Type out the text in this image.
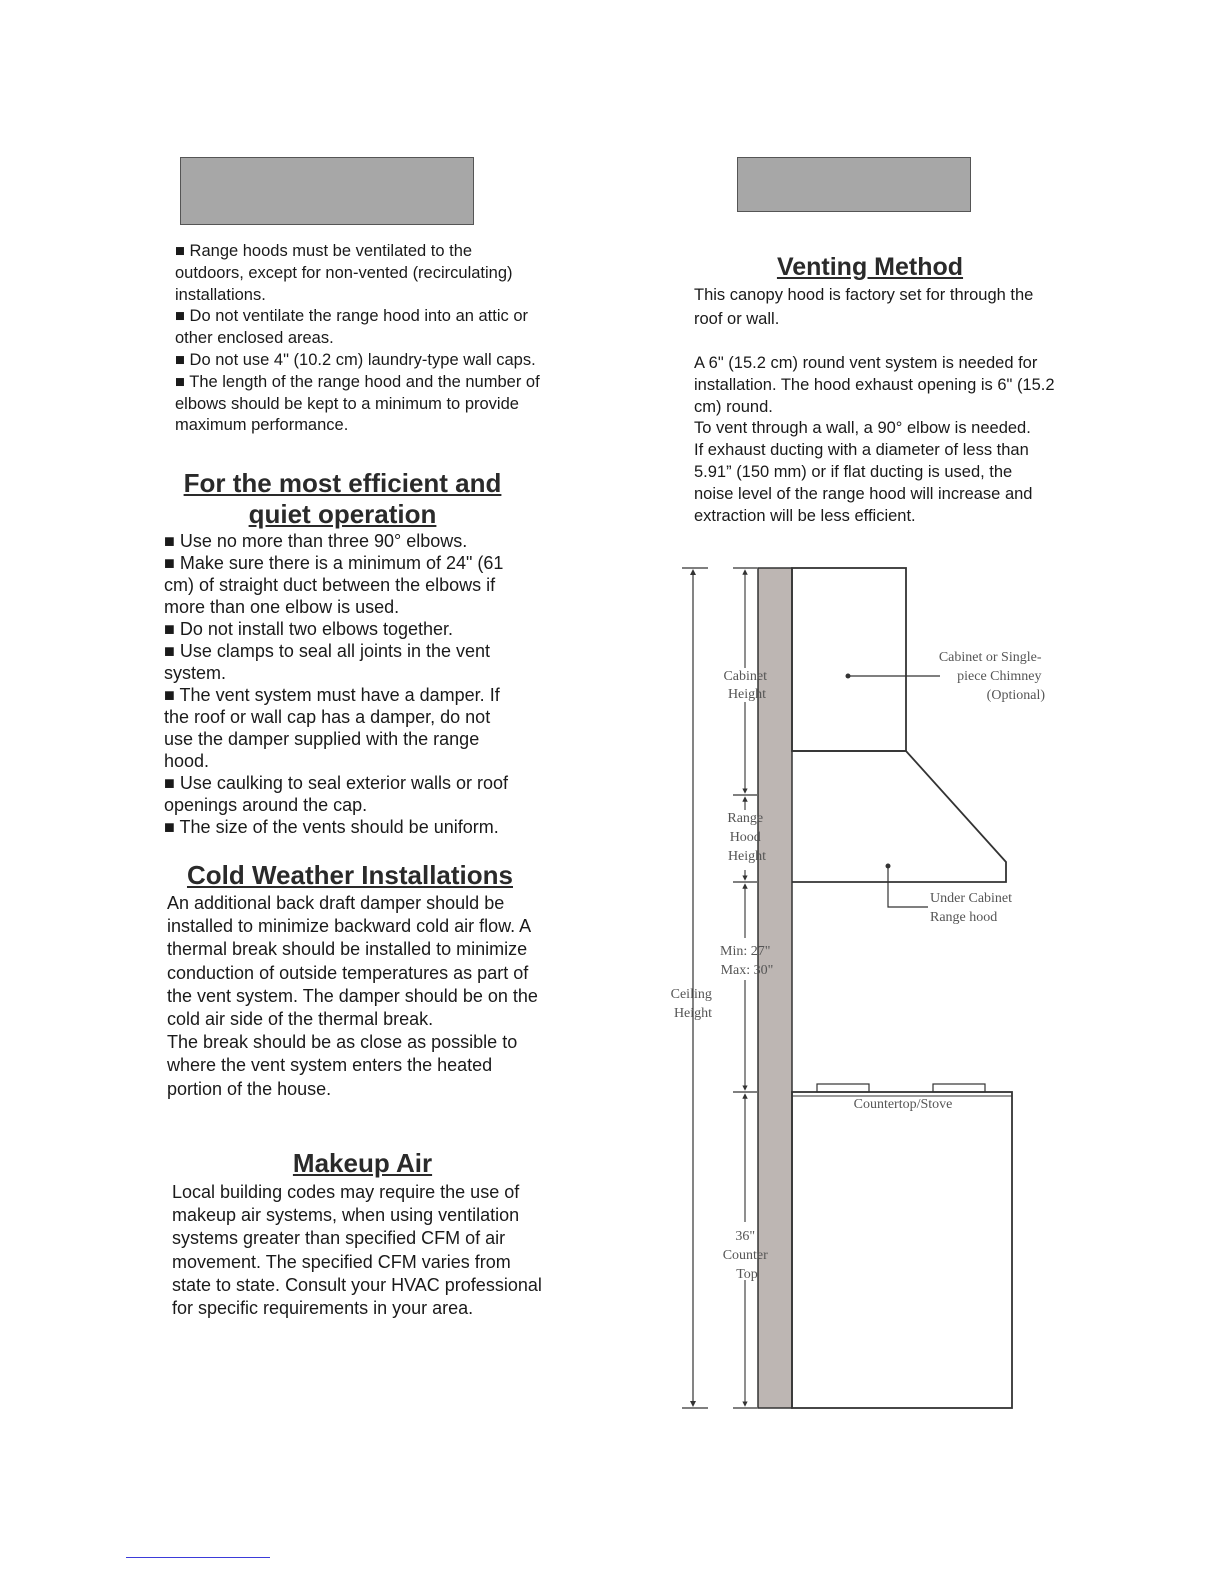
■ Range hoods must be ventilated to the outdoors, except for non-vented (recirculating) installations.

■ Do not ventilate the range hood into an attic or other enclosed areas.

■ Do not use 4" (10.2 cm) laundry-type wall caps.

■ The length of the range hood and the number of elbows should be kept to a minimum to provide maximum performance.

For the most efficient and
quiet operation

■ Use no more than three 90° elbows.

■ Make sure there is a minimum of 24" (61 cm) of straight duct between the elbows if more than one elbow is used.

■ Do not install two elbows together.

■ Use clamps to seal all joints in the vent system.

■ The vent system must have a damper. If the roof or wall cap has a damper, do not use the damper supplied with the range hood.

■ Use caulking to seal exterior walls or roof openings around the cap.

■ The size of the vents should be uniform.

Cold Weather Installations

An additional back draft damper should be installed to minimize backward cold air flow. A thermal break should be installed to minimize conduction of outside temperatures as part of the vent system. The damper should be on the cold air side of the thermal break.

The break should be as close as possible to where the vent system enters the heated portion of the house.

Makeup Air

Local building codes may require the use of makeup air systems, when using ventilation systems greater than specified CFM of air movement. The specified CFM varies from state to state. Consult your HVAC professional for specific requirements in your area.

Venting Method

This canopy hood is factory set for through the roof or wall.

A 6" (15.2 cm) round vent system is needed for installation. The hood exhaust opening is 6" (15.2 cm) round.

To vent through a wall, a 90° elbow is needed.

If exhaust ducting with a diameter of less than 5.91” (150 mm) or if flat ducting is used, the noise level of the range hood will increase and extraction will be less efficient.

Cabinet Height
Range Hood Height
Min: 27" Max: 30"
Ceiling Height
36" Counter Top
Cabinet or Single- piece Chimney (Optional)
Under Cabinet Range hood
Countertop/Stove
